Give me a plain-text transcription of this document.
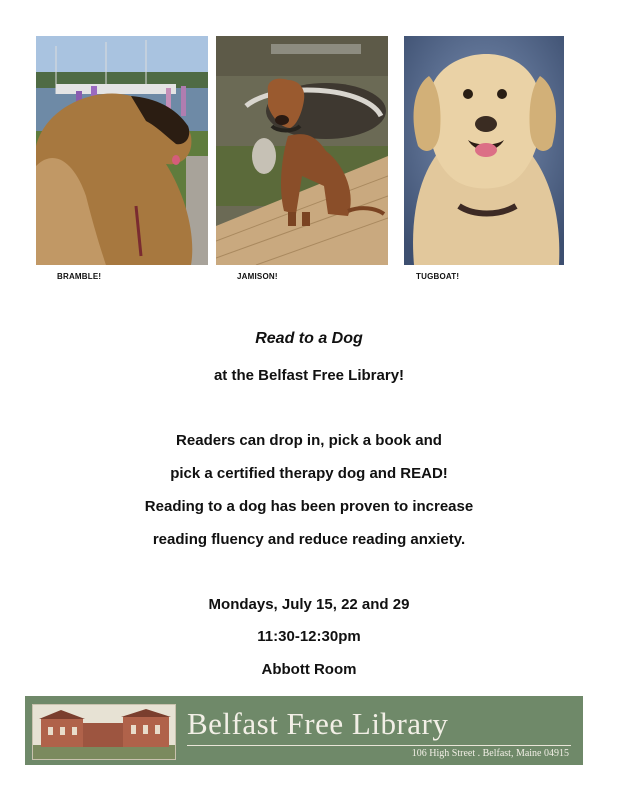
BRAMBLE!	JAMISON!	TUGBOAT!
Read to a Dog
at the Belfast Free Library!
Readers can drop in, pick a book and
pick a certified therapy dog and READ!
Reading to a dog has been proven to increase
reading fluency and reduce reading anxiety.
Mondays, July 15, 22 and 29
11:30-12:30pm
Abbott Room
Belfast Free Library
106 High Street . Belfast, Maine 04915
